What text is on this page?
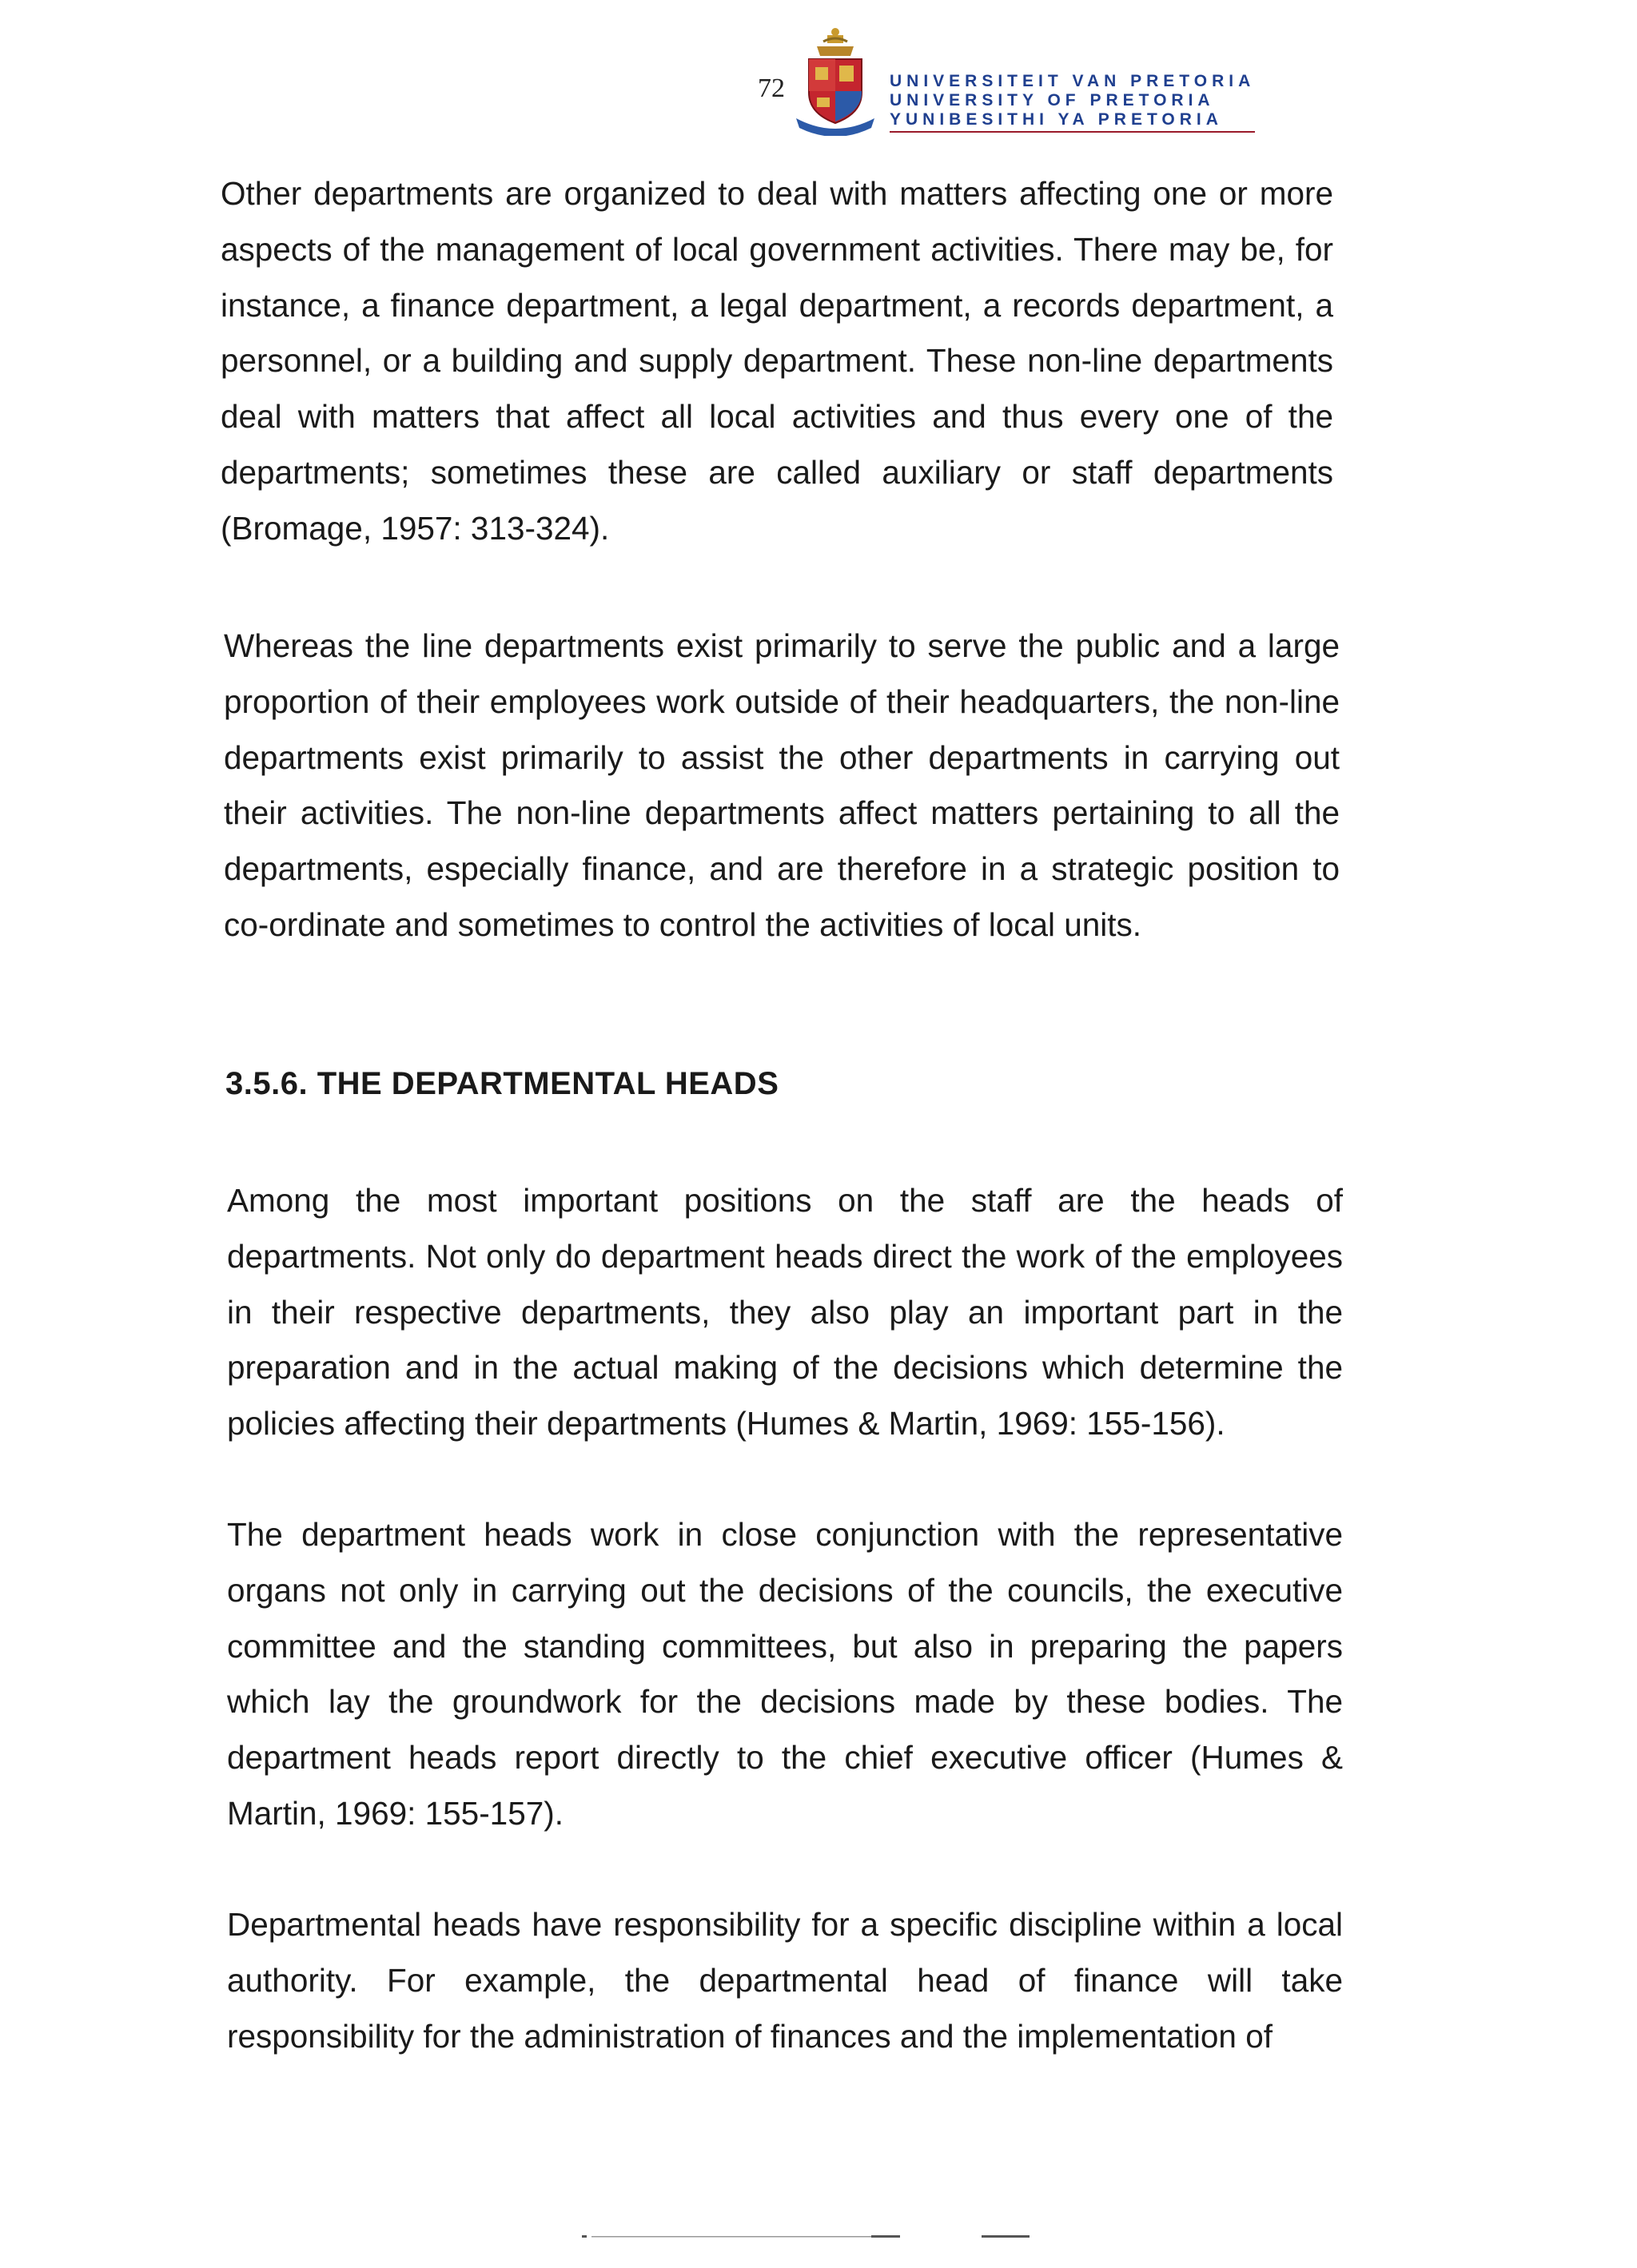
72	UNIVERSITEIT VAN PRETORIA
UNIVERSITY OF PRETORIA
YUNIBESITHI YA PRETORIA

Other departments are organized to deal with matters affecting one or more aspects of the management of local government activities. There may be, for instance, a finance department, a legal department, a records department, a personnel, or a building and supply department. These non-line departments deal with matters that affect all local activities and thus every one of the departments; sometimes these are called auxiliary or staff departments (Bromage, 1957: 313-324).

Whereas the line departments exist primarily to serve the public and a large proportion of their employees work outside of their headquarters, the non-line departments exist primarily to assist the other departments in carrying out their activities. The non-line departments affect matters pertaining to all the departments, especially finance, and are therefore in a strategic position to co-ordinate and sometimes to control the activities of local units.

3.5.6. THE DEPARTMENTAL HEADS

Among the most important positions on the staff are the heads of departments. Not only do department heads direct the work of the employees in their respective departments, they also play an important part in the preparation and in the actual making of the decisions which determine the policies affecting their departments (Humes & Martin, 1969: 155-156).

The department heads work in close conjunction with the representative organs not only in carrying out the decisions of the councils, the executive committee and the standing committees, but also in preparing the papers which lay the groundwork for the decisions made by these bodies. The department heads report directly to the chief executive officer (Humes & Martin, 1969: 155-157).

Departmental heads have responsibility for a specific discipline within a local authority. For example, the departmental head of finance will take responsibility for the administration of finances and the implementation of
